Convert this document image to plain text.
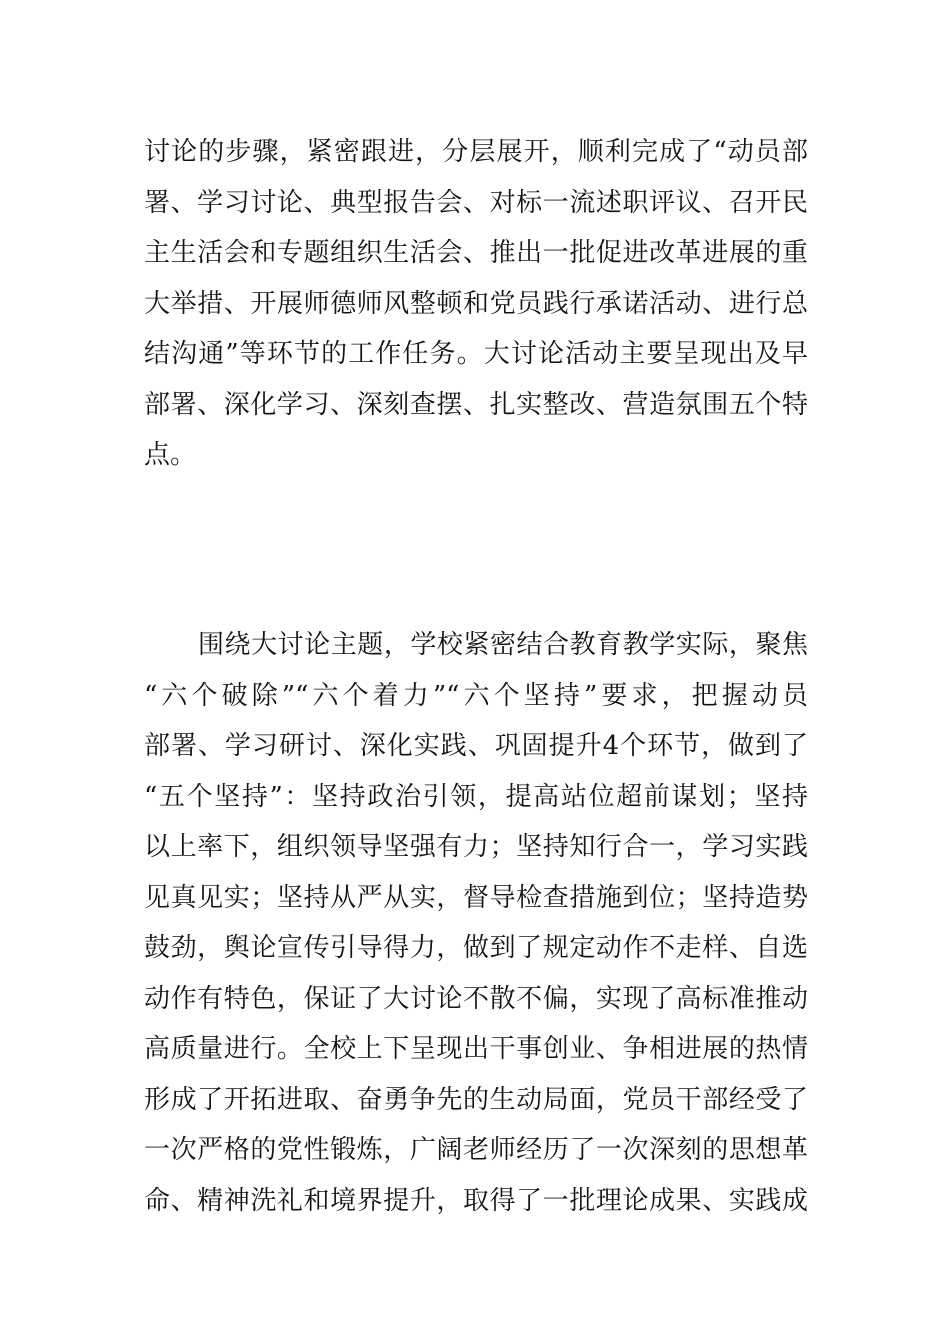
讨论的步骤，紧密跟进，分层展开，顺利完成了“动员部
署、学习讨论、典型报告会、对标一流述职评议、召开民
主生活会和专题组织生活会、推出一批促进改革进展的重
大举措、开展师德师风整顿和党员践行承诺活动、进行总
结沟通”等环节的工作任务。大讨论活动主要呈现出及早
部署、深化学习、深刻查摆、扎实整改、营造氛围五个特
点。

围绕大讨论主题，学校紧密结合教育教学实际，聚焦
“六个破除”“六个着力”“六个坚持”要求，把握动员
部署、学习研讨、深化实践、巩固提升4个环节，做到了
“五个坚持”：坚持政治引领，提高站位超前谋划；坚持
以上率下，组织领导坚强有力；坚持知行合一，学习实践
见真见实；坚持从严从实，督导检查措施到位；坚持造势
鼓劲，舆论宣传引导得力，做到了规定动作不走样、自选
动作有特色，保证了大讨论不散不偏，实现了高标准推动
高质量进行。全校上下呈现出干事创业、争相进展的热情
形成了开拓进取、奋勇争先的生动局面，党员干部经受了
一次严格的党性锻炼，广阔老师经历了一次深刻的思想革
命、精神洗礼和境界提升，取得了一批理论成果、实践成
